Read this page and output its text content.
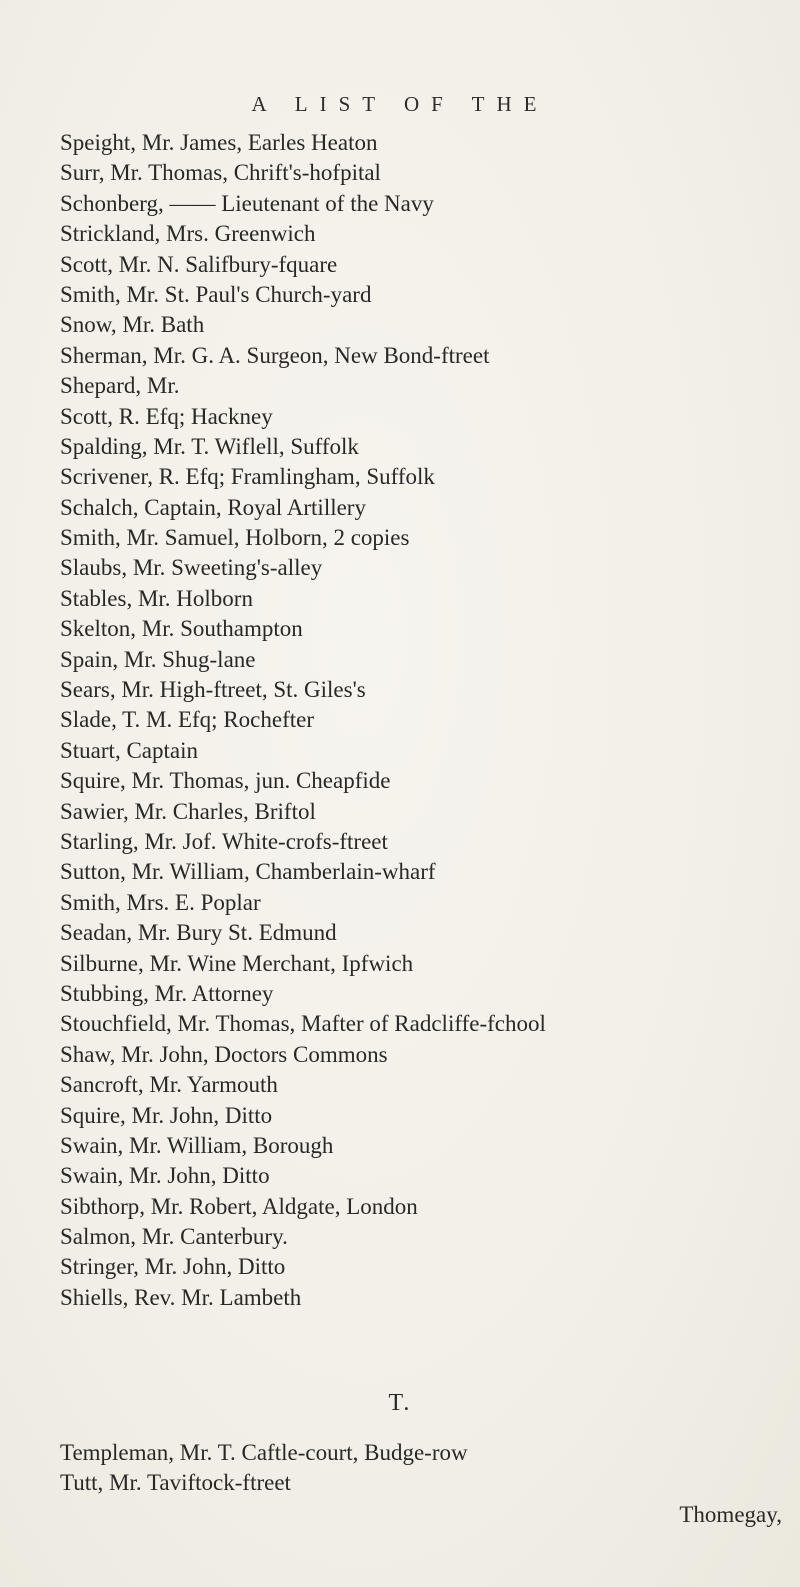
A LIST OF THE
Speight, Mr. James, Earles Heaton
Surr, Mr. Thomas, Chrift's-hofpital
Schonberg, —— Lieutenant of the Navy
Strickland, Mrs. Greenwich
Scott, Mr. N. Salifbury-fquare
Smith, Mr. St. Paul's Church-yard
Snow, Mr. Bath
Sherman, Mr. G. A. Surgeon, New Bond-ftreet
Shepard, Mr.
Scott, R. Efq; Hackney
Spalding, Mr. T. Wiflell, Suffolk
Scrivener, R. Efq; Framlingham, Suffolk
Schalch, Captain, Royal Artillery
Smith, Mr. Samuel, Holborn, 2 copies
Slaubs, Mr. Sweeting's-alley
Stables, Mr. Holborn
Skelton, Mr. Southampton
Spain, Mr. Shug-lane
Sears, Mr. High-ftreet, St. Giles's
Slade, T. M. Efq; Rochefter
Stuart, Captain
Squire, Mr. Thomas, jun. Cheapfide
Sawier, Mr. Charles, Briftol
Starling, Mr. Jof. White-crofs-ftreet
Sutton, Mr. William, Chamberlain-wharf
Smith, Mrs. E. Poplar
Seadan, Mr. Bury St. Edmund
Silburne, Mr. Wine Merchant, Ipfwich
Stubbing, Mr. Attorney
Stouchfield, Mr. Thomas, Mafter of Radcliffe-fchool
Shaw, Mr. John, Doctors Commons
Sancroft, Mr. Yarmouth
Squire, Mr. John, Ditto
Swain, Mr. William, Borough
Swain, Mr. John, Ditto
Sibthorp, Mr. Robert, Aldgate, London
Salmon, Mr. Canterbury.
Stringer, Mr. John, Ditto
Shiells, Rev. Mr. Lambeth
T.
Templeman, Mr. T. Caftle-court, Budge-row
Tutt, Mr. Taviftock-ftreet
Thomegay,
